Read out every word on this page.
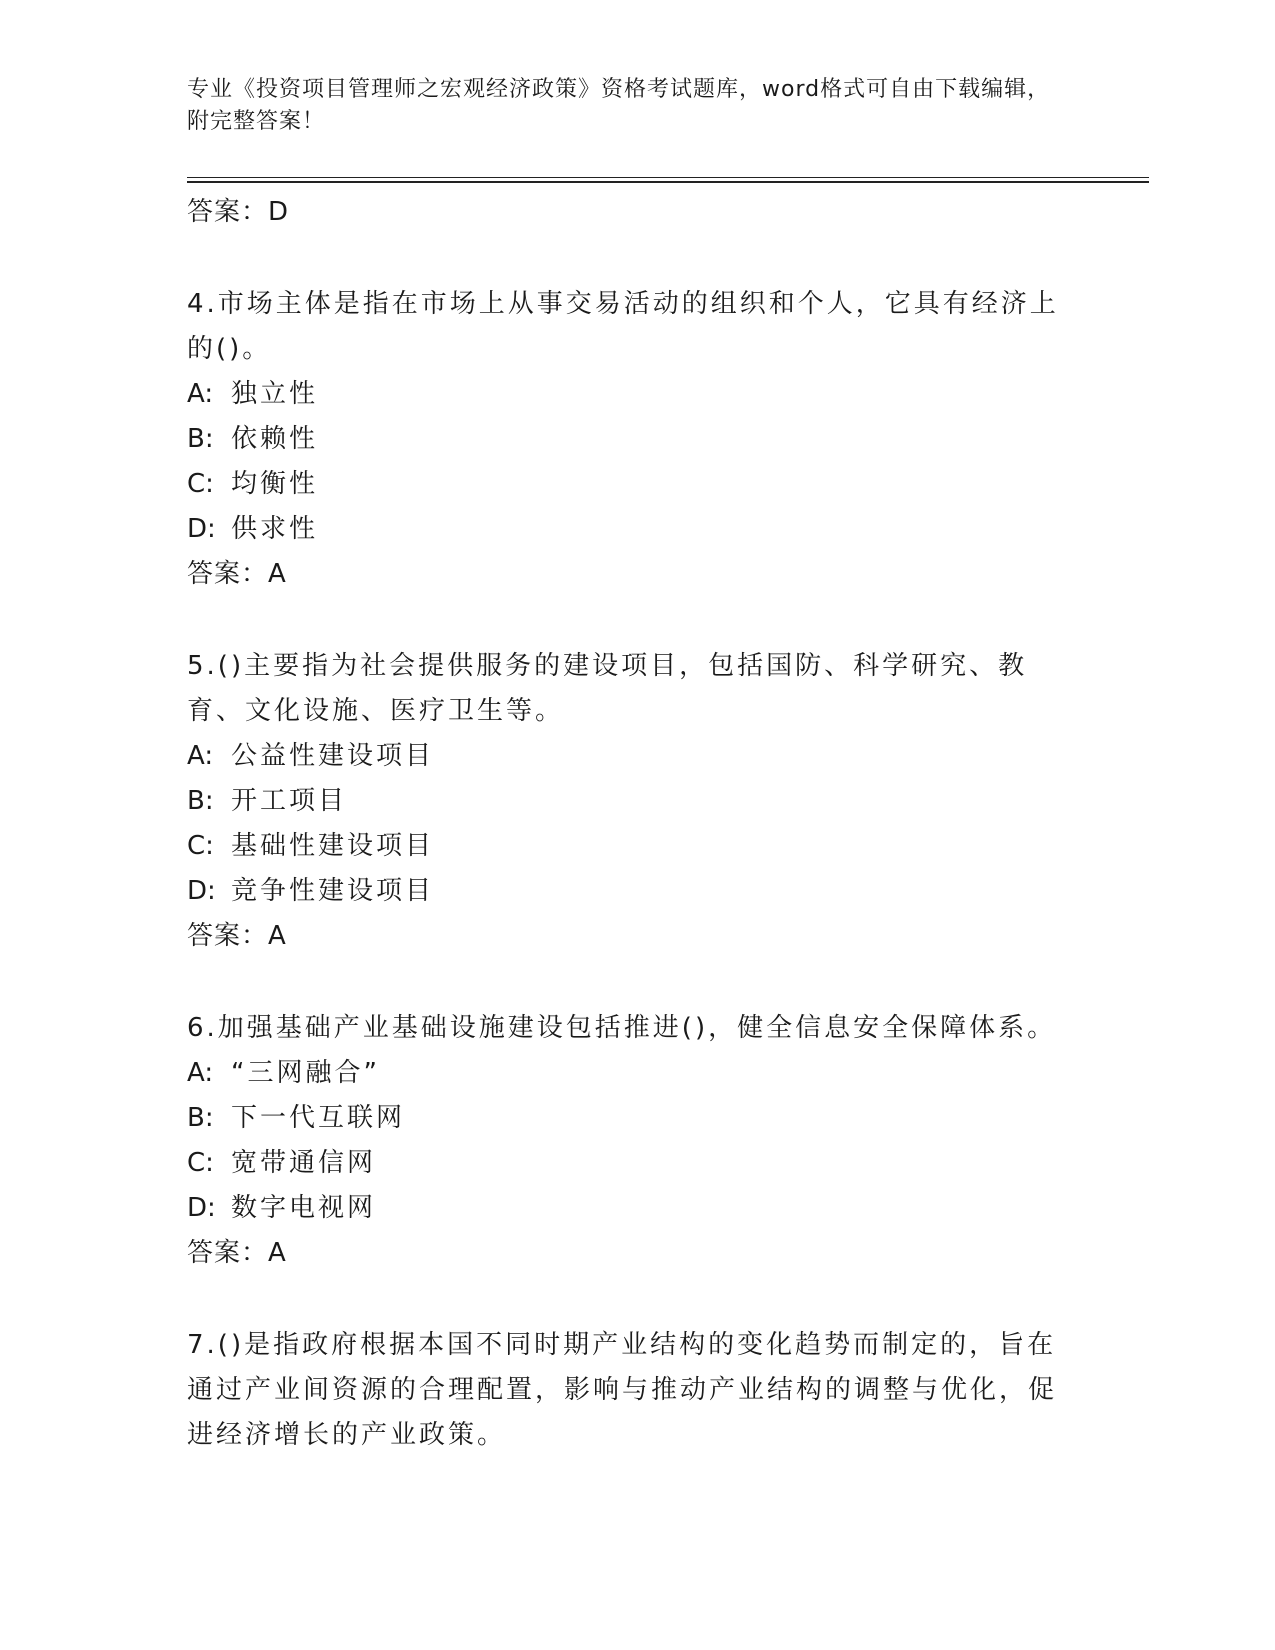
专业《投资项目管理师之宏观经济政策》资格考试题库，word格式可自由下载编辑，附完整答案！
答案：D
4.市场主体是指在市场上从事交易活动的组织和个人，它具有经济上的()。
A: 独立性
B: 依赖性
C: 均衡性
D: 供求性
答案：A
5.()主要指为社会提供服务的建设项目，包括国防、科学研究、教育、文化设施、医疗卫生等。
A: 公益性建设项目
B: 开工项目
C: 基础性建设项目
D: 竞争性建设项目
答案：A
6.加强基础产业基础设施建设包括推进()，健全信息安全保障体系。
A: “三网融合”
B: 下一代互联网
C: 宽带通信网
D: 数字电视网
答案：A
7.()是指政府根据本国不同时期产业结构的变化趋势而制定的，旨在通过产业间资源的合理配置，影响与推动产业结构的调整与优化，促进经济增长的产业政策。
